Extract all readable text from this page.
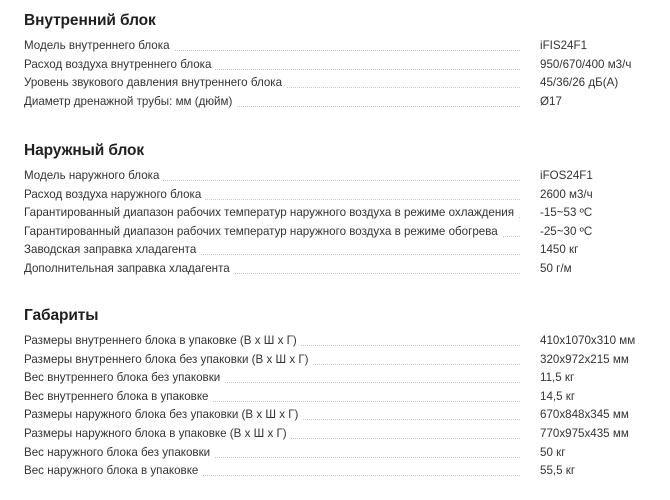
Внутренний блок
Модель внутреннего блока	iFIS24F1
Расход воздуха внутреннего блока	950/670/400 м3/ч
Уровень звукового давления внутреннего блока	45/36/26 дБ(А)
Диаметр дренажной трубы: мм (дюйм)	Ø17
Наружный блок
Модель наружного блока	iFOS24F1
Расход воздуха наружного блока	2600 м3/ч
Гарантированный диапазон рабочих температур наружного воздуха в режиме охлаждения	-15~53 ºC
Гарантированный диапазон рабочих температур наружного воздуха в режиме обогрева	-25~30 ºC
Заводская заправка хладагента	1450 кг
Дополнительная заправка хладагента	50 г/м
Габариты
Размеры внутреннего блока в упаковке (В х Ш х Г)	410x1070x310 мм
Размеры внутреннего блока без упаковки (В х Ш х Г)	320x972x215 мм
Вес внутреннего блока без упаковки	11,5 кг
Вес внутреннего блока в упаковке	14,5 кг
Размеры наружного блока без упаковки (В х Ш х Г)	670x848x345 мм
Размеры наружного блока в упаковке (В х Ш х Г)	770x975x435 мм
Вес наружного блока без упаковки	50 кг
Вес наружного блока в упаковке	55,5 кг
